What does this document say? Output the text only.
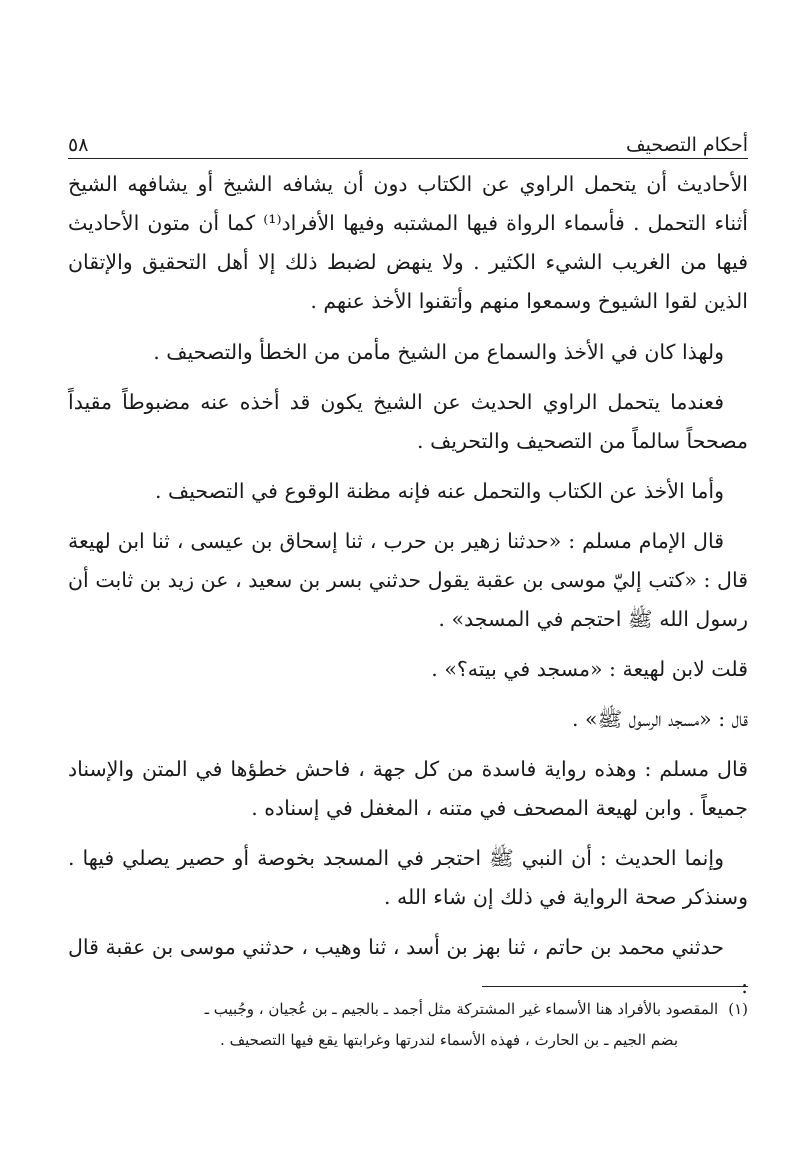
أحكام التصحيف
٥٨

الأحاديث أن يتحمل الراوي عن الكتاب دون أن يشافه الشيخ أو يشافهه الشيخ أثناء التحمل . فأسماء الرواة فيها المشتبه وفيها الأفراد⁽¹⁾ كما أن متون الأحاديث فيها من الغريب الشيء الكثير . ولا ينهض لضبط ذلك إلا أهل التحقيق والإتقان الذين لقوا الشيوخ وسمعوا منهم وأتقنوا الأخذ عنهم .

ولهذا كان في الأخذ والسماع من الشيخ مأمن من الخطأ والتصحيف .

فعندما يتحمل الراوي الحديث عن الشيخ يكون قد أخذه عنه مضبوطاً مقيداً مصححاً سالماً من التصحيف والتحريف .

وأما الأخذ عن الكتاب والتحمل عنه فإنه مظنة الوقوع في التصحيف .

قال الإمام مسلم : «حدثنا زهير بن حرب ، ثنا إسحاق بن عيسى ، ثنا ابن لهيعة قال : «كتب إليّ موسى بن عقبة يقول حدثني بسر بن سعيد ، عن زيد بن ثابت أن رسول الله ﷺ احتجم في المسجد» .

قلت لابن لهيعة : «مسجد في بيته؟» .

قال : «مسجد الرسول ﷺ» .

قال مسلم : وهذه رواية فاسدة من كل جهة ، فاحش خطؤها في المتن والإسناد جميعاً . وابن لهيعة المصحف في متنه ، المغفل في إسناده .

وإنما الحديث : أن النبي ﷺ احتجر في المسجد بخوصة أو حصير يصلي فيها . وسنذكر صحة الرواية في ذلك إن شاء الله .

حدثني محمد بن حاتم ، ثنا بهز بن أسد ، ثنا وهيب ، حدثني موسى بن عقبة قال :

(١)المقصود بالأفراد هنا الأسماء غير المشتركة مثل أجمد ـ بالجيم ـ بن عُجيان ، وجُبيب ـ

بضم الجيم ـ بن الحارث ، فهذه الأسماء لندرتها وغرابتها يقع فيها التصحيف .
